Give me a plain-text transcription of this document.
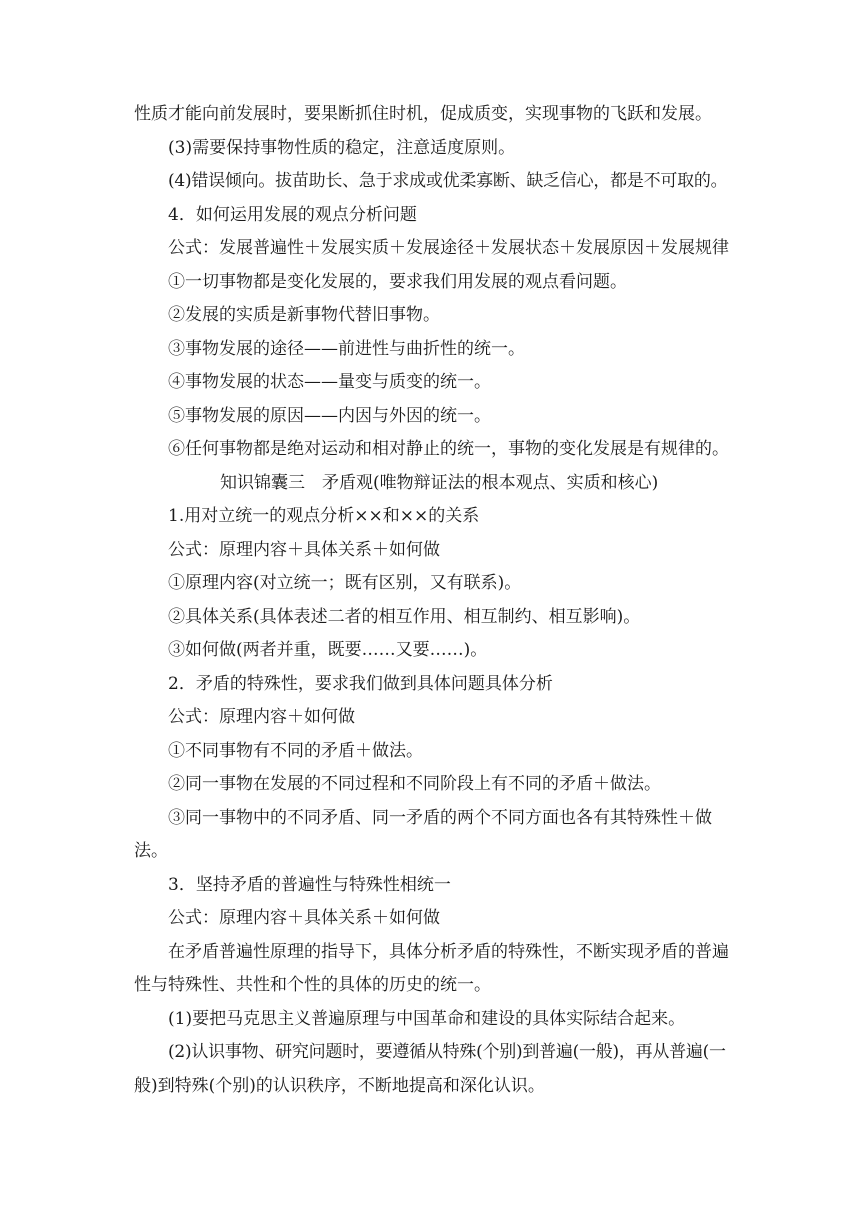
性质才能向前发展时，要果断抓住时机，促成质变，实现事物的飞跃和发展。
(3)需要保持事物性质的稳定，注意适度原则。
(4)错误倾向。拔苗助长、急于求成或优柔寡断、缺乏信心，都是不可取的。
4．如何运用发展的观点分析问题
公式：发展普遍性＋发展实质＋发展途径＋发展状态＋发展原因＋发展规律
①一切事物都是变化发展的，要求我们用发展的观点看问题。
②发展的实质是新事物代替旧事物。
③事物发展的途径——前进性与曲折性的统一。
④事物发展的状态——量变与质变的统一。
⑤事物发展的原因——内因与外因的统一。
⑥任何事物都是绝对运动和相对静止的统一，事物的变化发展是有规律的。
知识锦囊三　矛盾观(唯物辩证法的根本观点、实质和核心)
1.用对立统一的观点分析××和××的关系
公式：原理内容＋具体关系＋如何做
①原理内容(对立统一；既有区别，又有联系)。
②具体关系(具体表述二者的相互作用、相互制约、相互影响)。
③如何做(两者并重，既要……又要……)。
2．矛盾的特殊性，要求我们做到具体问题具体分析
公式：原理内容＋如何做
①不同事物有不同的矛盾＋做法。
②同一事物在发展的不同过程和不同阶段上有不同的矛盾＋做法。
③同一事物中的不同矛盾、同一矛盾的两个不同方面也各有其特殊性＋做
法。
3．坚持矛盾的普遍性与特殊性相统一
公式：原理内容＋具体关系＋如何做
在矛盾普遍性原理的指导下，具体分析矛盾的特殊性，不断实现矛盾的普遍
性与特殊性、共性和个性的具体的历史的统一。
(1)要把马克思主义普遍原理与中国革命和建设的具体实际结合起来。
(2)认识事物、研究问题时，要遵循从特殊(个别)到普遍(一般)，再从普遍(一
般)到特殊(个别)的认识秩序，不断地提高和深化认识。
